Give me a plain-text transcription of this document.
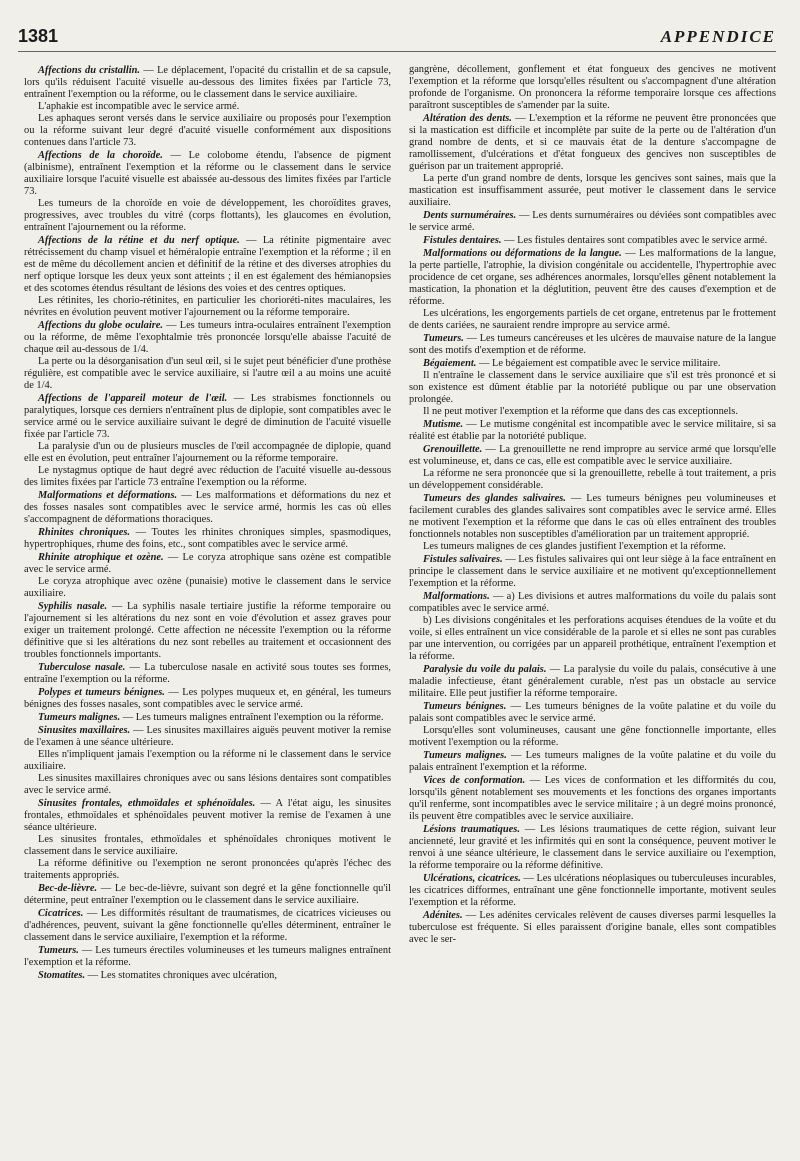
1381	APPENDICE

Affections du cristallin. — Le déplacement, l'opacité du cristallin et de sa capsule, lors qu'ils réduisent l'acuité visuelle au-dessous des limites fixées par l'article 73, entraînent l'exemption ou la réforme, ou le classement dans le service auxiliaire.

L'aphakie est incompatible avec le service armé.

Les aphaques seront versés dans le service auxiliaire ou proposés pour l'exemption ou la réforme suivant leur degré d'acuité visuelle conformément aux dispositions contenues dans l'article 73.

Affections de la choroïde. — Le colobome étendu, l'absence de pigment (albinisme), entraînent l'exemption et la réforme ou le classement dans le service auxiliaire lorsque l'acuité visuelle est abaissée au-dessous des limites fixées par l'article 73.

Les tumeurs de la choroïde en voie de développement, les choroïdites graves, progressives, avec troubles du vitré (corps flottants), les glaucomes en évolution, entraînent l'ajournement ou la réforme.

Affections de la rétine et du nerf optique. — La rétinite pigmentaire avec rétrécissement du champ visuel et héméralopie entraîne l'exemption et la réforme ; il en est de même du décollement ancien et définitif de la rétine et des diverses atrophies du nerf optique lorsque les deux yeux sont atteints ; il en est également des hémianopsies et des scotomes étendus résultant de lésions des voies et des centres optiques.

Les rétinites, les chorio-rétinites, en particulier les chorioréti-nites maculaires, les névrites en évolution peuvent motiver l'ajournement ou la réforme temporaire.

Affections du globe oculaire. — Les tumeurs intra-oculaires entraînent l'exemption ou la réforme, de même l'exophtalmie très prononcée lorsqu'elle abaisse l'acuité de chaque œil au-dessous de 1/4.

La perte ou la désorganisation d'un seul œil, si le sujet peut bénéficier d'une prothèse régulière, est compatible avec le service auxiliaire, si l'autre œil a au moins une acuité de 1/4.

Affections de l'appareil moteur de l'œil. — Les strabismes fonctionnels ou paralytiques, lorsque ces derniers n'entraînent plus de diplopie, sont compatibles avec le service armé ou le service auxiliaire suivant le degré de diminution de l'acuité visuelle fixée par l'article 73.

La paralysie d'un ou de plusieurs muscles de l'œil accompagnée de diplopie, quand elle est en évolution, peut entraîner l'ajournement ou la réforme temporaire.

Le nystagmus optique de haut degré avec réduction de l'acuité visuelle au-dessous des limites fixées par l'article 73 entraîne l'exemption ou la réforme.

Malformations et déformations. — Les malformations et déformations du nez et des fosses nasales sont compatibles avec le service armé, hormis les cas où elles s'accompagnent de déformations thoraciques.

Rhinites chroniques. — Toutes les rhinites chroniques simples, spasmodiques, hypertrophiques, rhume des foins, etc., sont compatibles avec le service armé.

Rhinite atrophique et ozène. — Le coryza atrophique sans ozène est compatible avec le service armé.

Le coryza atrophique avec ozène (punaisie) motive le classement dans le service auxiliaire.

Syphilis nasale. — La syphilis nasale tertiaire justifie la réforme temporaire ou l'ajournement si les altérations du nez sont en voie d'évolution et assez graves pour exiger un traitement prolongé. Cette affection ne nécessite l'exemption ou la réforme définitive que si les altérations du nez sont rebelles au traitement et occasionnent des troubles fonctionnels importants.

Tuberculose nasale. — La tuberculose nasale en activité sous toutes ses formes, entraîne l'exemption ou la réforme.

Polypes et tumeurs bénignes. — Les polypes muqueux et, en général, les tumeurs bénignes des fosses nasales, sont compatibles avec le service armé.

Tumeurs malignes. — Les tumeurs malignes entraînent l'exemption ou la réforme.

Sinusites maxillaires. — Les sinusites maxillaires aiguës peuvent motiver la remise de l'examen à une séance ultérieure.

Elles n'impliquent jamais l'exemption ou la réforme ni le classement dans le service auxiliaire.

Les sinusites maxillaires chroniques avec ou sans lésions dentaires sont compatibles avec le service armé.

Sinusites frontales, ethmoïdales et sphénoïdales. — A l'état aigu, les sinusites frontales, ethmoïdales et sphénoïdales peuvent motiver la remise de l'examen à une séance ultérieure.

Les sinusites frontales, ethmoïdales et sphénoïdales chroniques motivent le classement dans le service auxiliaire.

La réforme définitive ou l'exemption ne seront prononcées qu'après l'échec des traitements appropriés.

Bec-de-lièvre. — Le bec-de-lièvre, suivant son degré et la gêne fonctionnelle qu'il détermine, peut entraîner l'exemption ou le classement dans le service auxiliaire.

Cicatrices. — Les difformités résultant de traumatismes, de cicatrices vicieuses ou d'adhérences, peuvent, suivant la gêne fonctionnelle qu'elles déterminent, entraîner le classement dans le service auxiliaire, l'exemption et la réforme.

Tumeurs. — Les tumeurs érectiles volumineuses et les tumeurs malignes entraînent l'exemption et la réforme.

Stomatites. — Les stomatites chroniques avec ulcération,

gangrène, décollement, gonflement et état fongueux des gencives ne motivent l'exemption et la réforme que lorsqu'elles résultent ou s'accompagnent d'une altération profonde de l'organisme. On prononcera la réforme temporaire lorsque ces affections paraîtront susceptibles de s'amender par la suite.

Altération des dents. — L'exemption et la réforme ne peuvent être prononcées que si la mastication est difficile et incomplète par suite de la perte ou de l'altération d'un grand nombre de dents, et si ce mauvais état de la denture s'accompagne de ramollissement, d'ulcérations et d'état fongueux des gencives non susceptibles de guérison par un traitement approprié.

La perte d'un grand nombre de dents, lorsque les gencives sont saines, mais que la mastication est insuffisamment assurée, peut motiver le classement dans le service auxiliaire.

Dents surnuméraires. — Les dents surnuméraires ou déviées sont compatibles avec le service armé.

Fistules dentaires. — Les fistules dentaires sont compatibles avec le service armé.

Malformations ou déformations de la langue. — Les malformations de la langue, la perte partielle, l'atrophie, la division congénitale ou accidentelle, l'hypertrophie avec procidence de cet organe, ses adhérences anormales, lorsqu'elles gênent notablement la mastication, la phonation et la déglutition, peuvent être des causes d'exemption et de réforme.

Les ulcérations, les engorgements partiels de cet organe, entretenus par le frottement de dents cariées, ne sauraient rendre impropre au service armé.

Tumeurs. — Les tumeurs cancéreuses et les ulcères de mauvaise nature de la langue sont des motifs d'exemption et de réforme.

Bégaiement. — Le bégaiement est compatible avec le service militaire.

Il n'entraîne le classement dans le service auxiliaire que s'il est très prononcé et si son existence est dûment établie par la notoriété publique ou par une observation prolongée.

Il ne peut motiver l'exemption et la réforme que dans des cas exceptionnels.

Mutisme. — Le mutisme congénital est incompatible avec le service militaire, si sa réalité est établie par la notoriété publique.

Grenouillette. — La grenouillette ne rend impropre au service armé que lorsqu'elle est volumineuse, et, dans ce cas, elle est compatible avec le service auxiliaire.

La réforme ne sera prononcée que si la grenouillette, rebelle à tout traitement, a pris un développement considérable.

Tumeurs des glandes salivaires. — Les tumeurs bénignes peu volumineuses et facilement curables des glandes salivaires sont compatibles avec le service armé. Elles ne motivent l'exemption et la réforme que dans le cas où elles entraînent des troubles fonctionnels notables non susceptibles d'amélioration par un traitement approprié.

Les tumeurs malignes de ces glandes justifient l'exemption et la réforme.

Fistules salivaires. — Les fistules salivaires qui ont leur siège à la face entraînent en principe le classement dans le service auxiliaire et ne motivent qu'exceptionnellement l'exemption et la réforme.

Malformations. — a) Les divisions et autres malformations du voile du palais sont compatibles avec le service armé.

b) Les divisions congénitales et les perforations acquises étendues de la voûte et du voile, si elles entraînent un vice considérable de la parole et si elles ne sont pas curables par une intervention, ou corrigées par un appareil prothétique, entraînent l'exemption et la réforme.

Paralysie du voile du palais. — La paralysie du voile du palais, consécutive à une maladie infectieuse, étant généralement curable, n'est pas un obstacle au service militaire. Elle peut justifier la réforme temporaire.

Tumeurs bénignes. — Les tumeurs bénignes de la voûte palatine et du voile du palais sont compatibles avec le service armé.

Lorsqu'elles sont volumineuses, causant une gêne fonctionnelle importante, elles motivent l'exemption ou la réforme.

Tumeurs malignes. — Les tumeurs malignes de la voûte palatine et du voile du palais entraînent l'exemption et la réforme.

Vices de conformation. — Les vices de conformation et les difformités du cou, lorsqu'ils gênent notablement ses mouvements et les fonctions des organes importants qu'il renferme, sont incompatibles avec le service militaire ; à un degré moins prononcé, ils peuvent être compatibles avec le service auxiliaire.

Lésions traumatiques. — Les lésions traumatiques de cette région, suivant leur ancienneté, leur gravité et les infirmités qui en sont la conséquence, peuvent motiver le renvoi à une séance ultérieure, le classement dans le service auxiliaire ou l'exemption, la réforme temporaire ou la réforme définitive.

Ulcérations, cicatrices. — Les ulcérations néoplasiques ou tuberculeuses incurables, les cicatrices difformes, entraînant une gêne fonctionnelle importante, motivent seules l'exemption et la réforme.

Adénites. — Les adénites cervicales relèvent de causes diverses parmi lesquelles la tuberculose est fréquente. Si elles paraissent d'origine banale, elles sont compatibles avec le ser-
